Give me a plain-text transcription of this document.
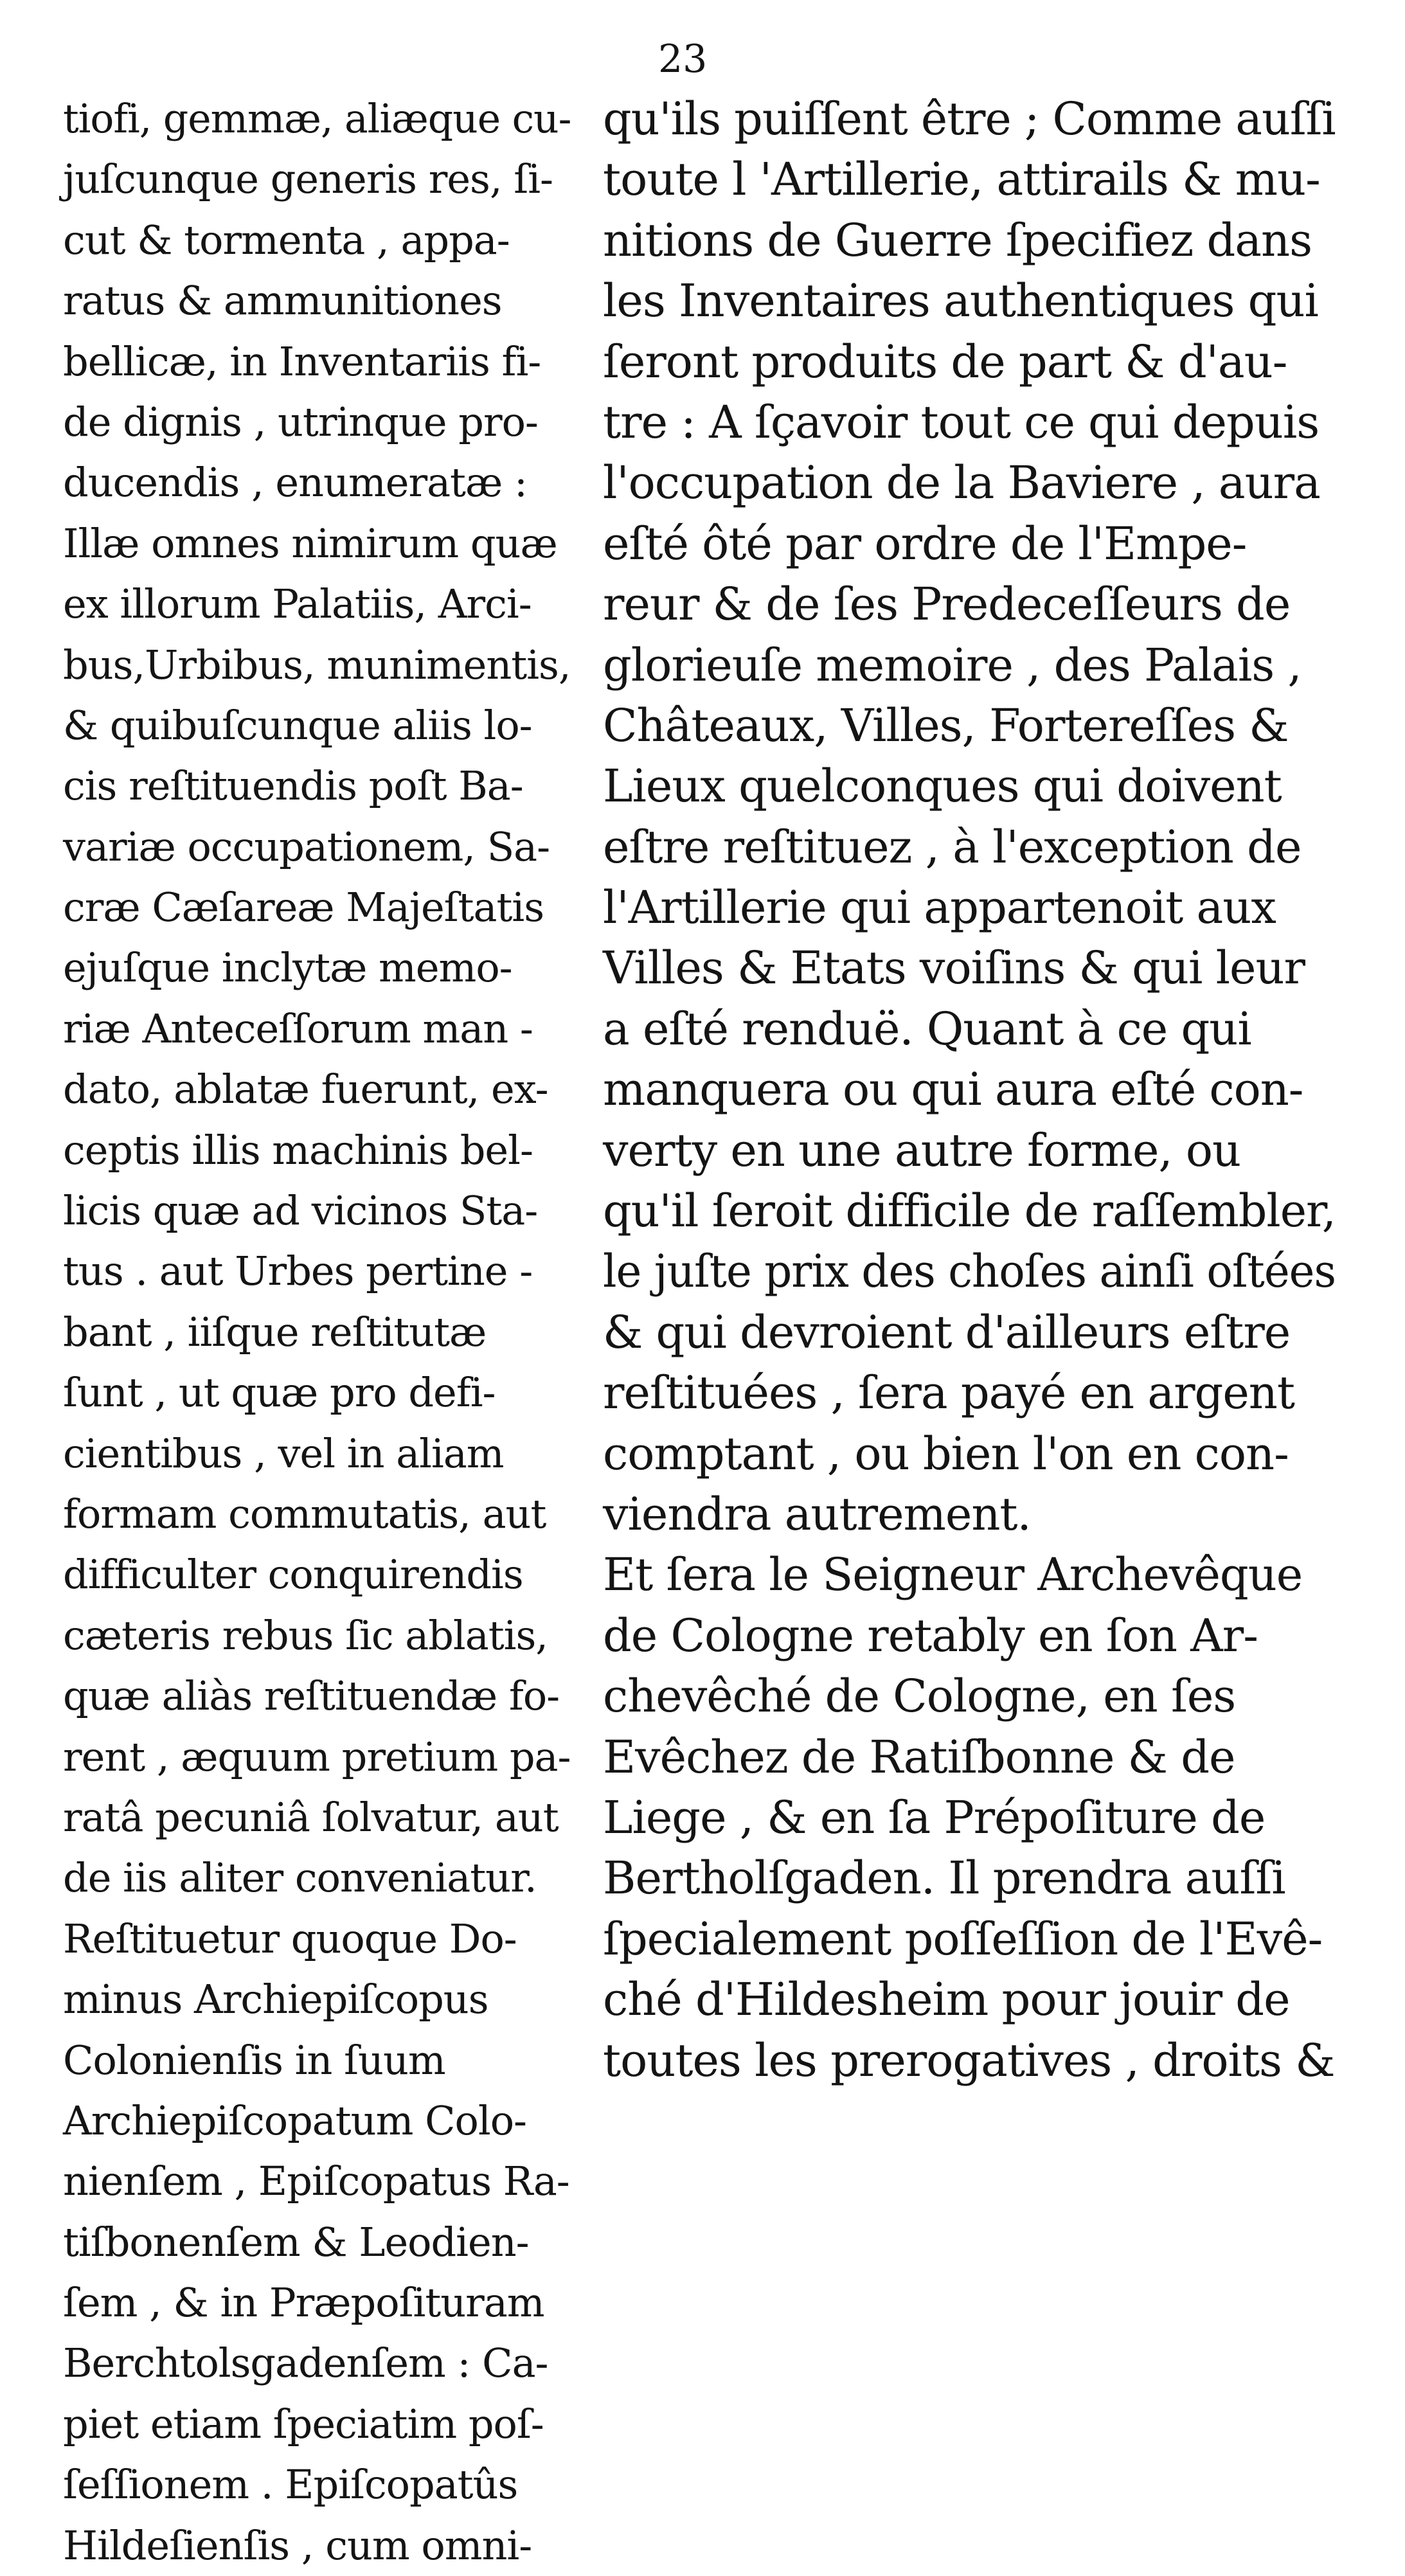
23
tiofi, gemmæ, aliæque cu-
juſcunque generis res, ſi-
cut & tormenta , appa-
ratus & ammunitiones
bellicæ, in Inventariis fi-
de dignis , utrinque pro-
ducendis , enumeratæ :
Illæ omnes nimirum quæ
ex illorum Palatiis, Arci-
bus,Urbibus, munimentis,
& quibuſcunque aliis lo-
cis reſtituendis poſt Ba-
variæ occupationem, Sa-
cræ Cæſareæ Majeſtatis
ejuſque inclytæ memo-
riæ Anteceſſorum man -
dato, ablatæ fuerunt, ex-
ceptis illis machinis bel-
licis quæ ad vicinos Sta-
tus . aut Urbes pertine -
bant , iiſque reſtitutæ
ſunt , ut quæ pro defi-
cientibus , vel in aliam
formam commutatis, aut
difficulter conquirendis
cæteris rebus ſic ablatis,
quæ aliàs reſtituendæ fo-
rent , æquum pretium pa-
ratâ pecuniâ ſolvatur, aut
de iis aliter conveniatur.
Reſtituetur quoque Do-
minus Archiepiſcopus
Colonienſis in ſuum
Archiepiſcopatum Colo-
nienſem , Epiſcopatus Ra-
tiſbonenſem & Leodien-
ſem , & in Præpoſituram
Berchtolsgadenſem : Ca-
piet etiam ſpeciatim poſ-
ſeſſionem . Epiſcopatûs
Hildeſienſis , cum omni-
qu'ils puiſſent être ; Comme auſſi
toute l 'Artillerie, attirails & mu-
nitions de Guerre ſpecifiez dans
les Inventaires authentiques qui
ſeront produits de part & d'au-
tre : A ſçavoir tout ce qui depuis
l'occupation de la Baviere , aura
eſté ôté par ordre de l'Empe-
reur & de ſes Predeceſſeurs de
glorieuſe memoire , des Palais ,
Châteaux, Villes, Fortereſſes &
Lieux quelconques qui doivent
eſtre reſtituez , à l'exception de
l'Artillerie qui appartenoit aux
Villes & Etats voiſins & qui leur
a eſté renduë. Quant à ce qui
manquera ou qui aura eſté con-
verty en une autre forme, ou
qu'il ſeroit difficile de raſſembler,
le juſte prix des choſes ainſi oſtées
& qui devroient d'ailleurs eſtre
reſtituées , ſera payé en argent
comptant , ou bien l'on en con-
viendra autrement.
Et ſera le Seigneur Archevêque
de Cologne retably en ſon Ar-
chevêché de Cologne, en ſes
Evêchez de Ratiſbonne & de
Liege , & en ſa Prépoſiture de
Bertholſgaden. Il prendra auſſi
ſpecialement poſſeſſion de l'Evê-
ché d'Hildesheim pour jouir de
toutes les prerogatives , droits &
